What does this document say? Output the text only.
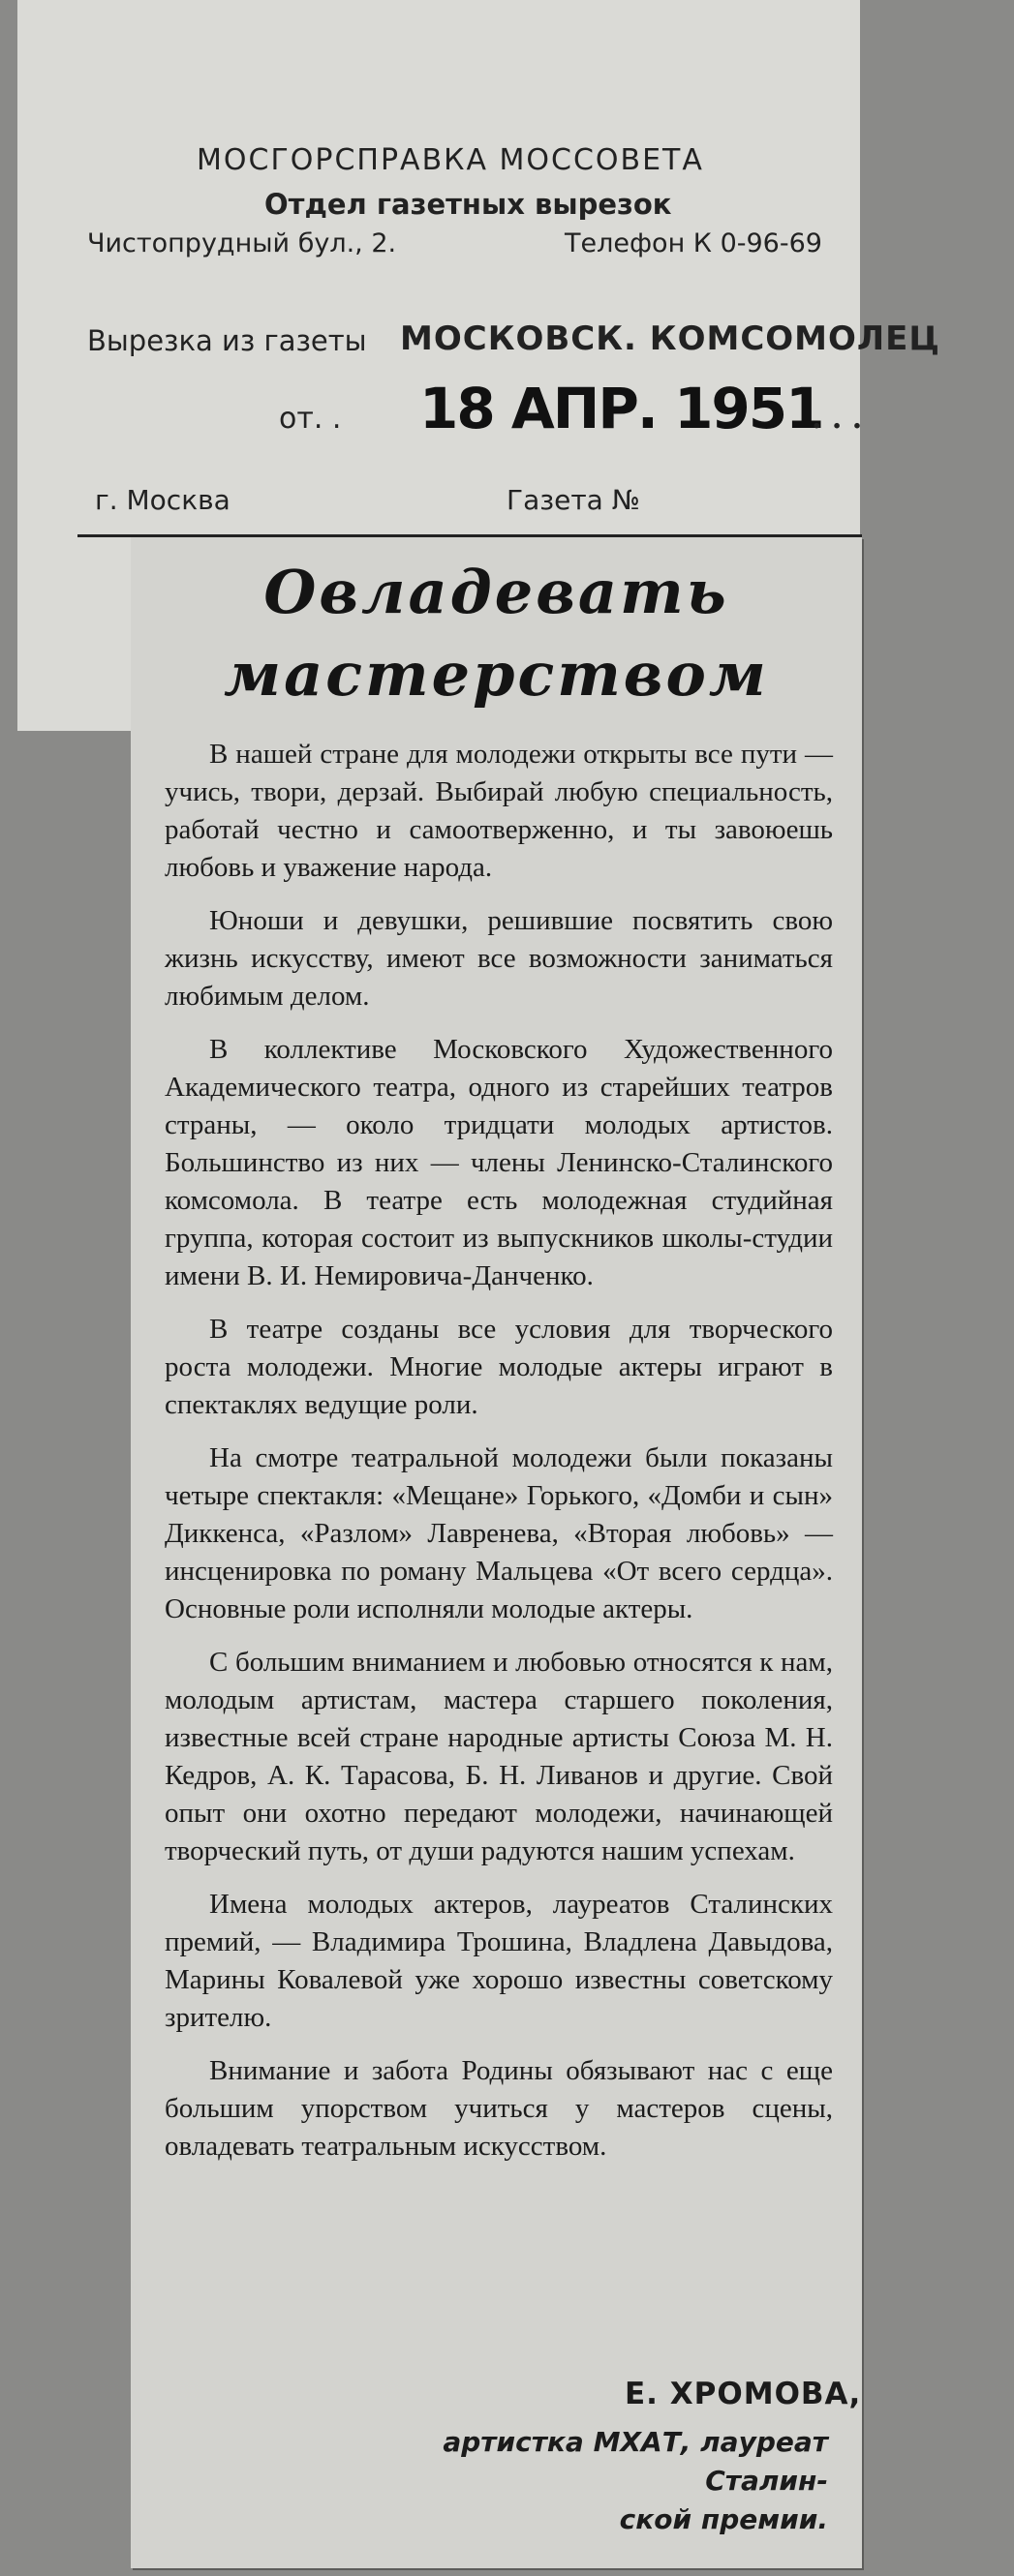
МОСГОРСПРАВКА МОССОВЕТА
Отдел газетных вырезок
Чистопрудный бул., 2.	Телефон К 0-96-69
Вырезка из газеты МОСКОВСК. КОМСОМОЛЕЦ
от. . 18 АПР. 1951
. . .
г. Москва	Газета №
Овладевать
мастерством

В нашей стране для молодежи открыты все пути — учись, твори, дерзай. Выбирай любую специальность, работай честно и самоотверженно, и ты завоюешь любовь и уважение народа.

Юноши и девушки, решившие посвятить свою жизнь искусству, имеют все возможности заниматься любимым делом.

В коллективе Московского Художественного Академического театра, одного из старейших театров страны, — около тридцати молодых артистов. Большинство из них — члены Ленинско-Сталинского комсомола. В театре есть молодежная студийная группа, которая состоит из выпускников школы-студии имени В. И. Немировича-Данченко.

В театре созданы все условия для творческого роста молодежи. Многие молодые актеры играют в спектаклях ведущие роли.

На смотре театральной молодежи были показаны четыре спектакля: «Мещане» Горького, «Домби и сын» Диккенса, «Разлом» Лавренева, «Вторая любовь» — инсценировка по роману Мальцева «От всего сердца». Основные роли исполняли молодые актеры.

С большим вниманием и любовью относятся к нам, молодым артистам, мастера старшего поколения, известные всей стране народные артисты Союза М. Н. Кедров, А. К. Тарасова, Б. Н. Ливанов и другие. Свой опыт они охотно передают молодежи, начинающей творческий путь, от души радуются нашим успехам.

Имена молодых актеров, лауреатов Сталинских премий, — Владимира Трошина, Владлена Давыдова, Марины Ковалевой уже хорошо известны советскому зрителю.

Внимание и забота Родины обязывают нас с еще большим упорством учиться у мастеров сцены, овладевать театральным искусством.

Е. ХРОМОВА,
артистка МХАТ, лауреат Сталин-
ской премии.
